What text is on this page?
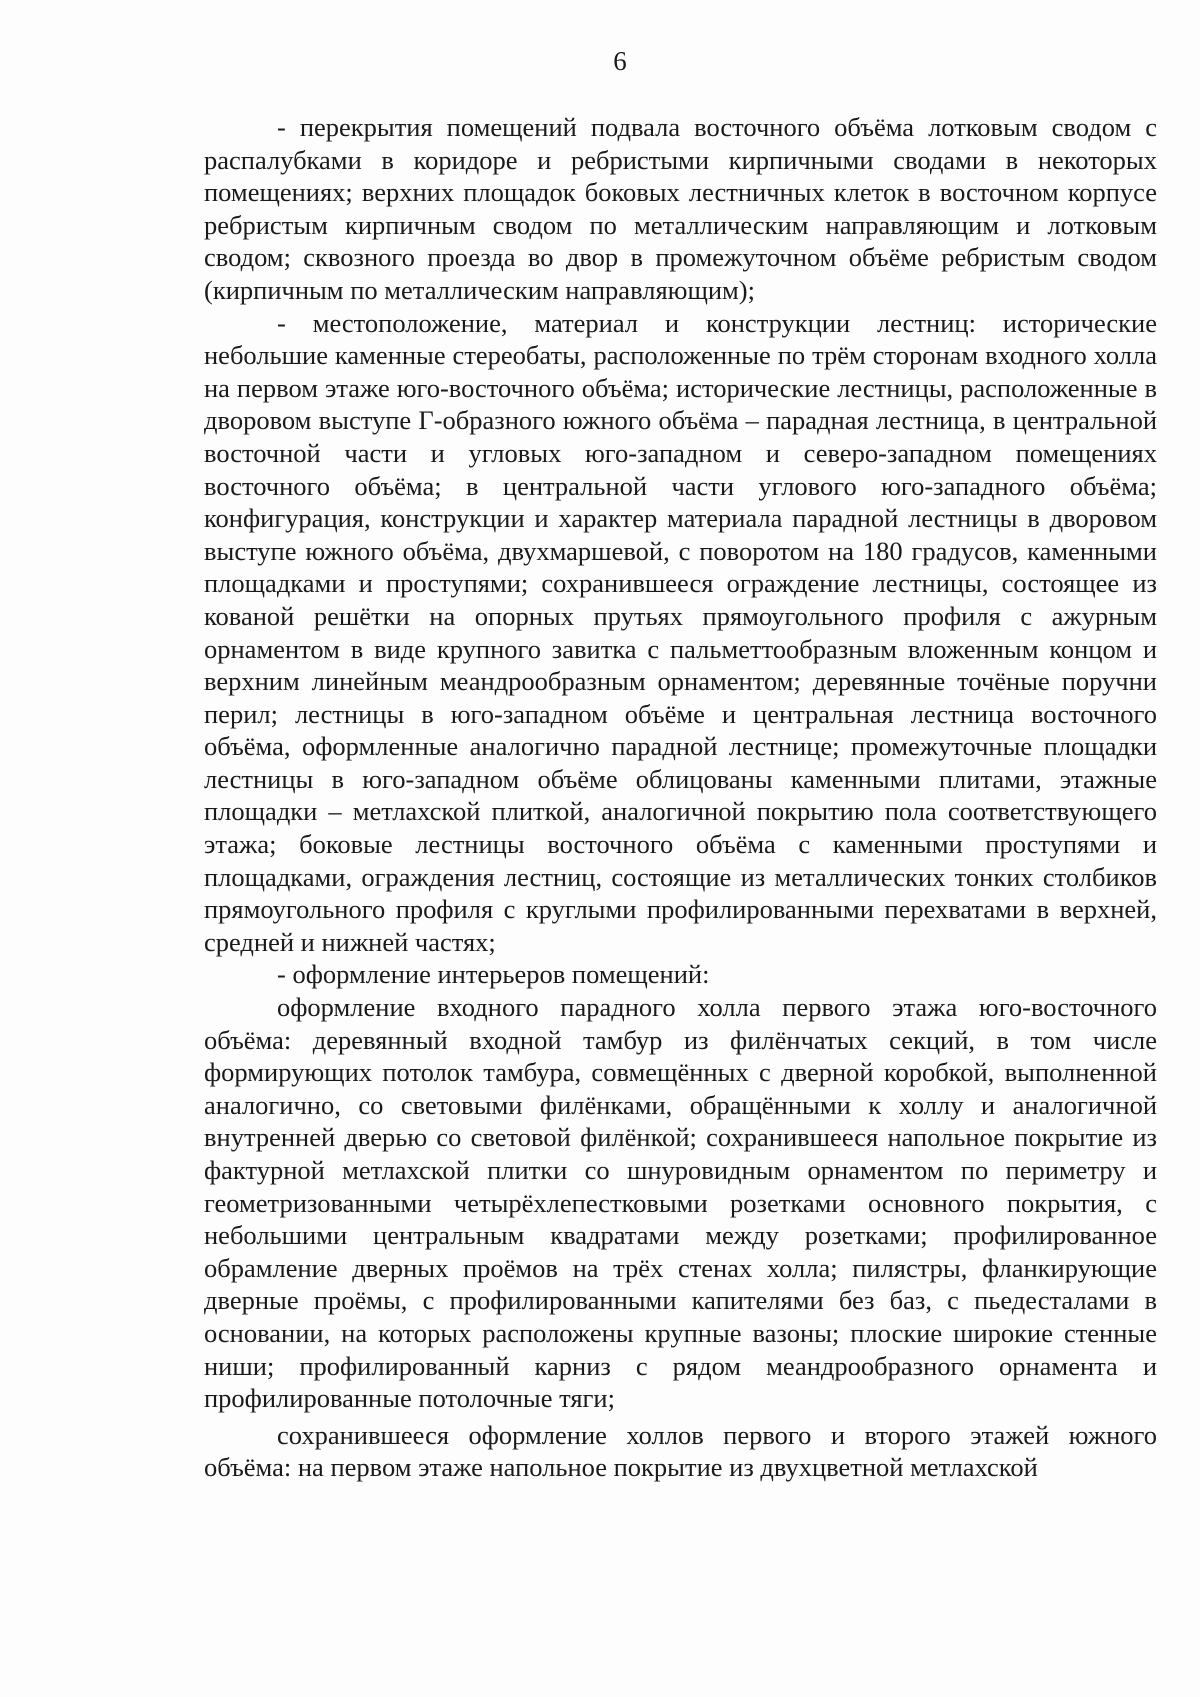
6

- перекрытия помещений подвала восточного объёма лотковым сводом с распалубками в коридоре и ребристыми кирпичными сводами в некоторых помещениях; верхних площадок боковых лестничных клеток в восточном корпусе ребристым кирпичным сводом по металлическим направляющим и лотковым сводом; сквозного проезда во двор в промежуточном объёме ребристым сводом (кирпичным по металлическим направляющим);

- местоположение, материал и конструкции лестниц: исторические небольшие каменные стереобаты, расположенные по трём сторонам входного холла на первом этаже юго-восточного объёма; исторические лестницы, расположенные в дворовом выступе Г-образного южного объёма – парадная лестница, в центральной восточной части и угловых юго-западном и северо-западном помещениях восточного объёма; в центральной части углового юго-западного объёма; конфигурация, конструкции и характер материала парадной лестницы в дворовом выступе южного объёма, двухмаршевой, с поворотом на 180 градусов, каменными площадками и проступями; сохранившееся ограждение лестницы, состоящее из кованой решётки на опорных прутьях прямоугольного профиля с ажурным орнаментом в виде крупного завитка с пальметтообразным вложенным концом и верхним линейным меандрообразным орнаментом; деревянные точёные поручни перил; лестницы в юго-западном объёме и центральная лестница восточного объёма, оформленные аналогично парадной лестнице; промежуточные площадки лестницы в юго-западном объёме облицованы каменными плитами, этажные площадки – метлахской плиткой, аналогичной покрытию пола соответствующего этажа; боковые лестницы восточного объёма с каменными проступями и площадками, ограждения лестниц, состоящие из металлических тонких столбиков прямоугольного профиля с круглыми профилированными перехватами в верхней, средней и нижней частях;

- оформление интерьеров помещений:

оформление входного парадного холла первого этажа юго-восточного объёма: деревянный входной тамбур из филёнчатых секций, в том числе формирующих потолок тамбура, совмещённых с дверной коробкой, выполненной аналогично, со световыми филёнками, обращёнными к холлу и аналогичной внутренней дверью со световой филёнкой; сохранившееся напольное покрытие из фактурной метлахской плитки со шнуровидным орнаментом по периметру и геометризованными четырёхлепестковыми розетками основного покрытия, с небольшими центральным квадратами между розетками; профилированное обрамление дверных проёмов на трёх стенах холла; пилястры, фланкирующие дверные проёмы, с профилированными капителями без баз, с пьедесталами в основании, на которых расположены крупные вазоны; плоские широкие стенные ниши; профилированный карниз с рядом меандрообразного орнамента и профилированные потолочные тяги;

сохранившееся оформление холлов первого и второго этажей южного объёма: на первом этаже напольное покрытие из двухцветной метлахской
